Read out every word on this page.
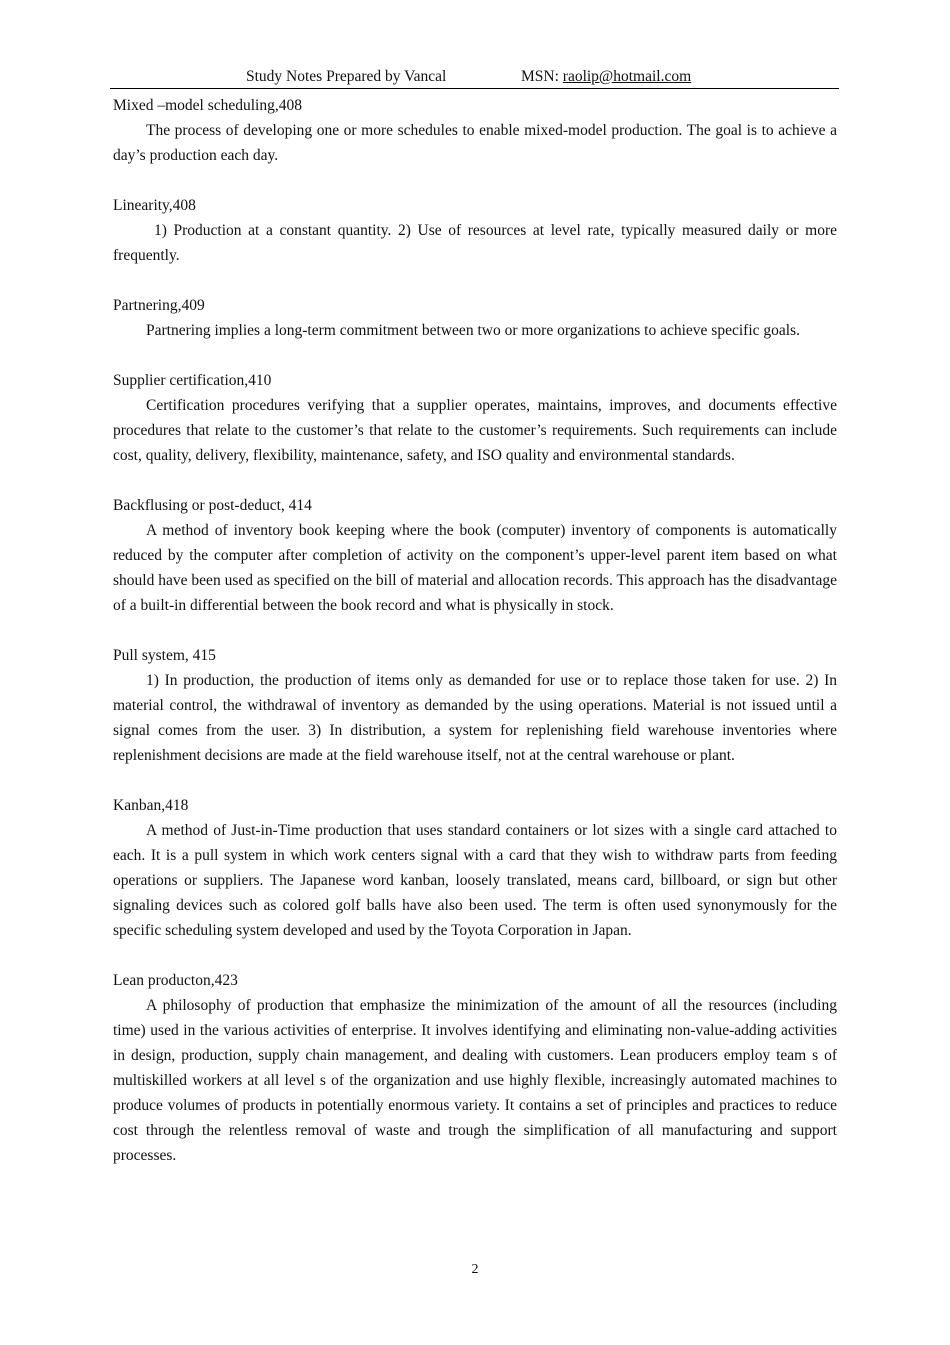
Study Notes Prepared by Vancal	MSN: raolip@hotmail.com

Mixed –model scheduling,408

The process of developing one or more schedules to enable mixed-model production. The goal is to achieve a day’s production each day.

Linearity,408

1) Production at a constant quantity. 2) Use of resources at level rate, typically measured daily or more frequently.

Partnering,409

Partnering implies a long-term commitment between two or more organizations to achieve specific goals.

Supplier certification,410

Certification procedures verifying that a supplier operates, maintains, improves, and documents effective procedures that relate to the customer’s that relate to the customer’s requirements. Such requirements can include cost, quality, delivery, flexibility, maintenance, safety, and ISO quality and environmental standards.

Backflusing or post-deduct, 414

A method of inventory book keeping where the book (computer) inventory of components is automatically reduced by the computer after completion of activity on the component’s upper-level parent item based on what should have been used as specified on the bill of material and allocation records. This approach has the disadvantage of a built-in differential between the book record and what is physically in stock.

Pull system, 415

1) In production, the production of items only as demanded for use or to replace those taken for use. 2) In material control, the withdrawal of inventory as demanded by the using operations. Material is not issued until a signal comes from the user. 3) In distribution, a system for replenishing field warehouse inventories where replenishment decisions are made at the field warehouse itself, not at the central warehouse or plant.

Kanban,418

A method of Just-in-Time production that uses standard containers or lot sizes with a single card attached to each. It is a pull system in which work centers signal with a card that they wish to withdraw parts from feeding operations or suppliers. The Japanese word kanban, loosely translated, means card, billboard, or sign but other signaling devices such as colored golf balls have also been used. The term is often used synonymously for the specific scheduling system developed and used by the Toyota Corporation in Japan.

Lean producton,423

A philosophy of production that emphasize the minimization of the amount of all the resources (including time) used in the various activities of enterprise. It involves identifying and eliminating non-value-adding activities in design, production, supply chain management, and dealing with customers. Lean producers employ team s of multiskilled workers at all level s of the organization and use highly flexible, increasingly automated machines to produce volumes of products in potentially enormous variety. It contains a set of principles and practices to reduce cost through the relentless removal of waste and trough the simplification of all manufacturing and support processes.

2
